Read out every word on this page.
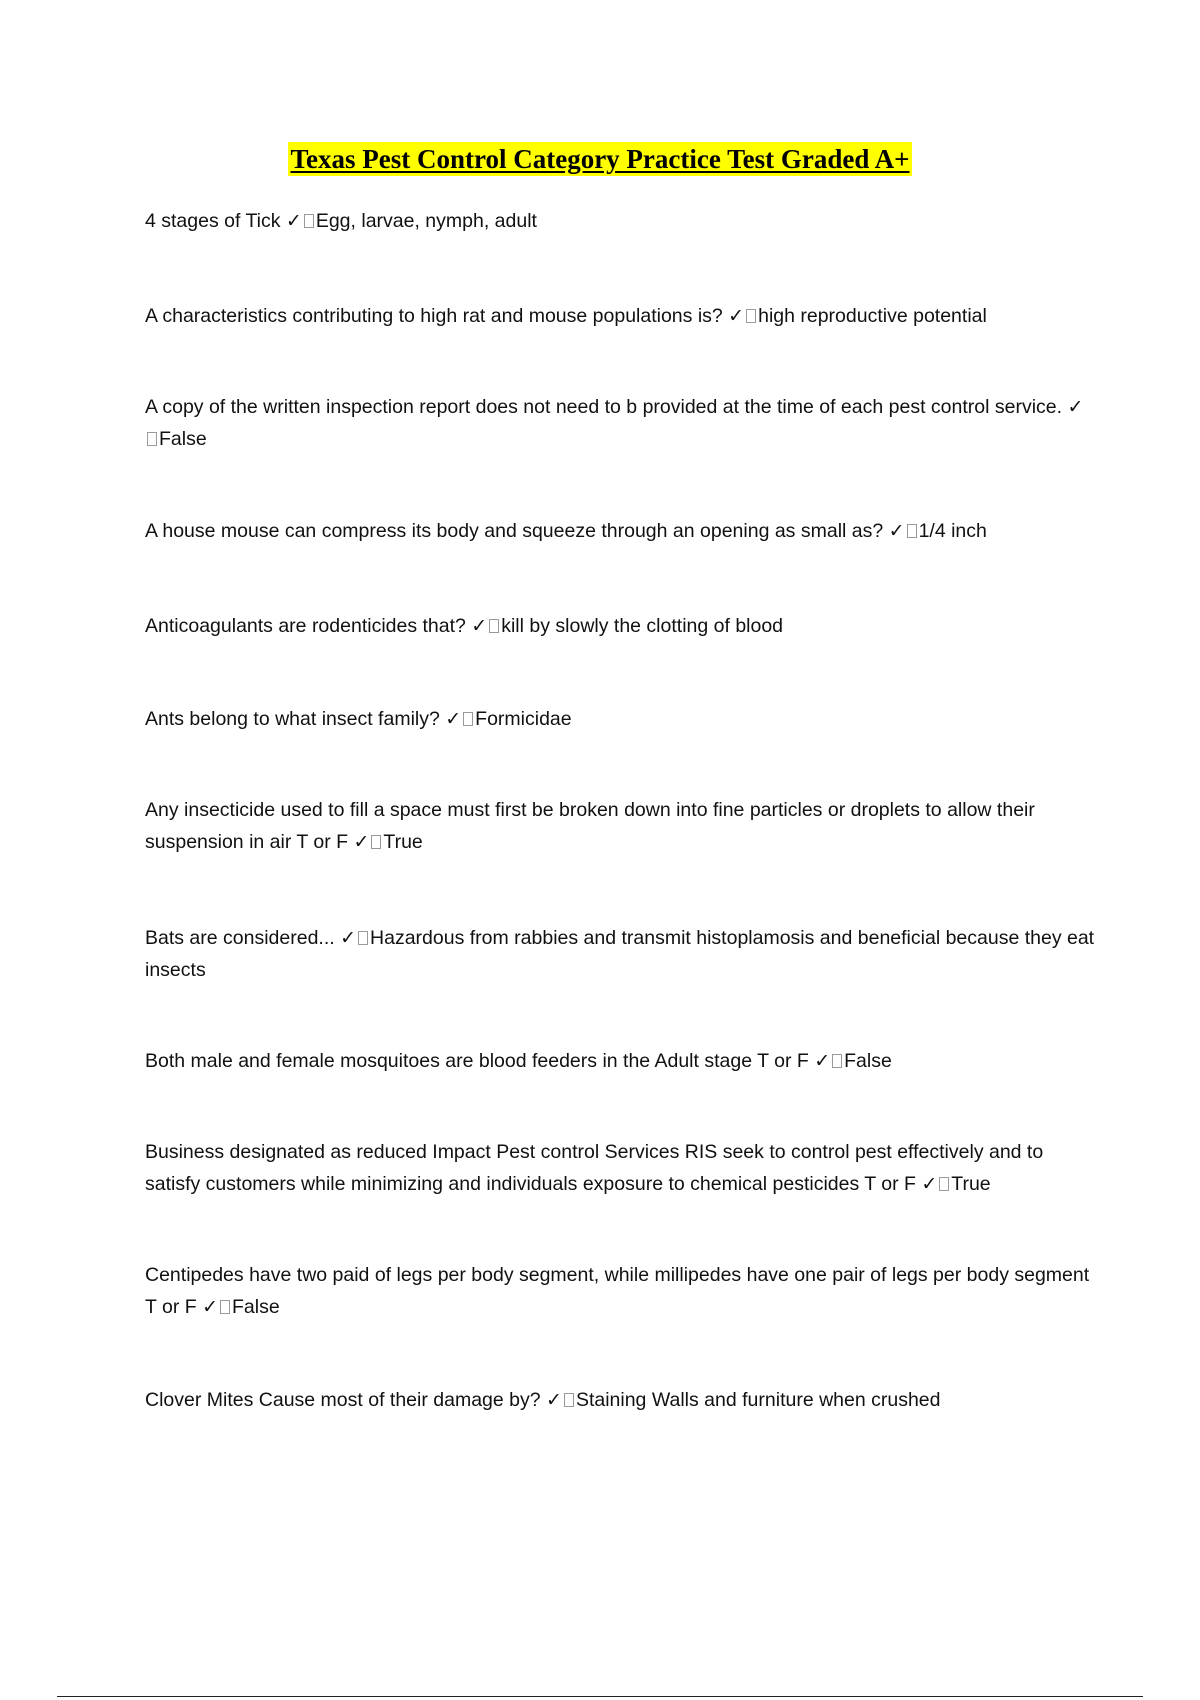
Texas Pest Control Category Practice Test Graded A+
4 stages of Tick ✓ Egg, larvae, nymph, adult
A characteristics contributing to high rat and mouse populations is? ✓ high reproductive potential
A copy of the written inspection report does not need to b provided at the time of each pest control service. ✓False
A house mouse can compress its body and squeeze through an opening as small as? ✓ 1/4 inch
Anticoagulants are rodenticides that? ✓ kill by slowly the clotting of blood
Ants belong to what insect family? ✓ Formicidae
Any insecticide used to fill a space must first be broken down into fine particles or droplets to allow their suspension in air T or F ✓ True
Bats are considered... ✓ Hazardous from rabbies and transmit histoplamosis and beneficial because they eat insects
Both male and female mosquitoes are blood feeders in the Adult stage T or F ✓ False
Business designated as reduced Impact Pest control Services RIS seek to control pest effectively and to satisfy customers while minimizing and individuals exposure to chemical pesticides T or F ✓ True
Centipedes have two paid of legs per body segment, while millipedes have one pair of legs per body segment T or F ✓ False
Clover Mites Cause most of their damage by? ✓ Staining Walls and furniture when crushed
